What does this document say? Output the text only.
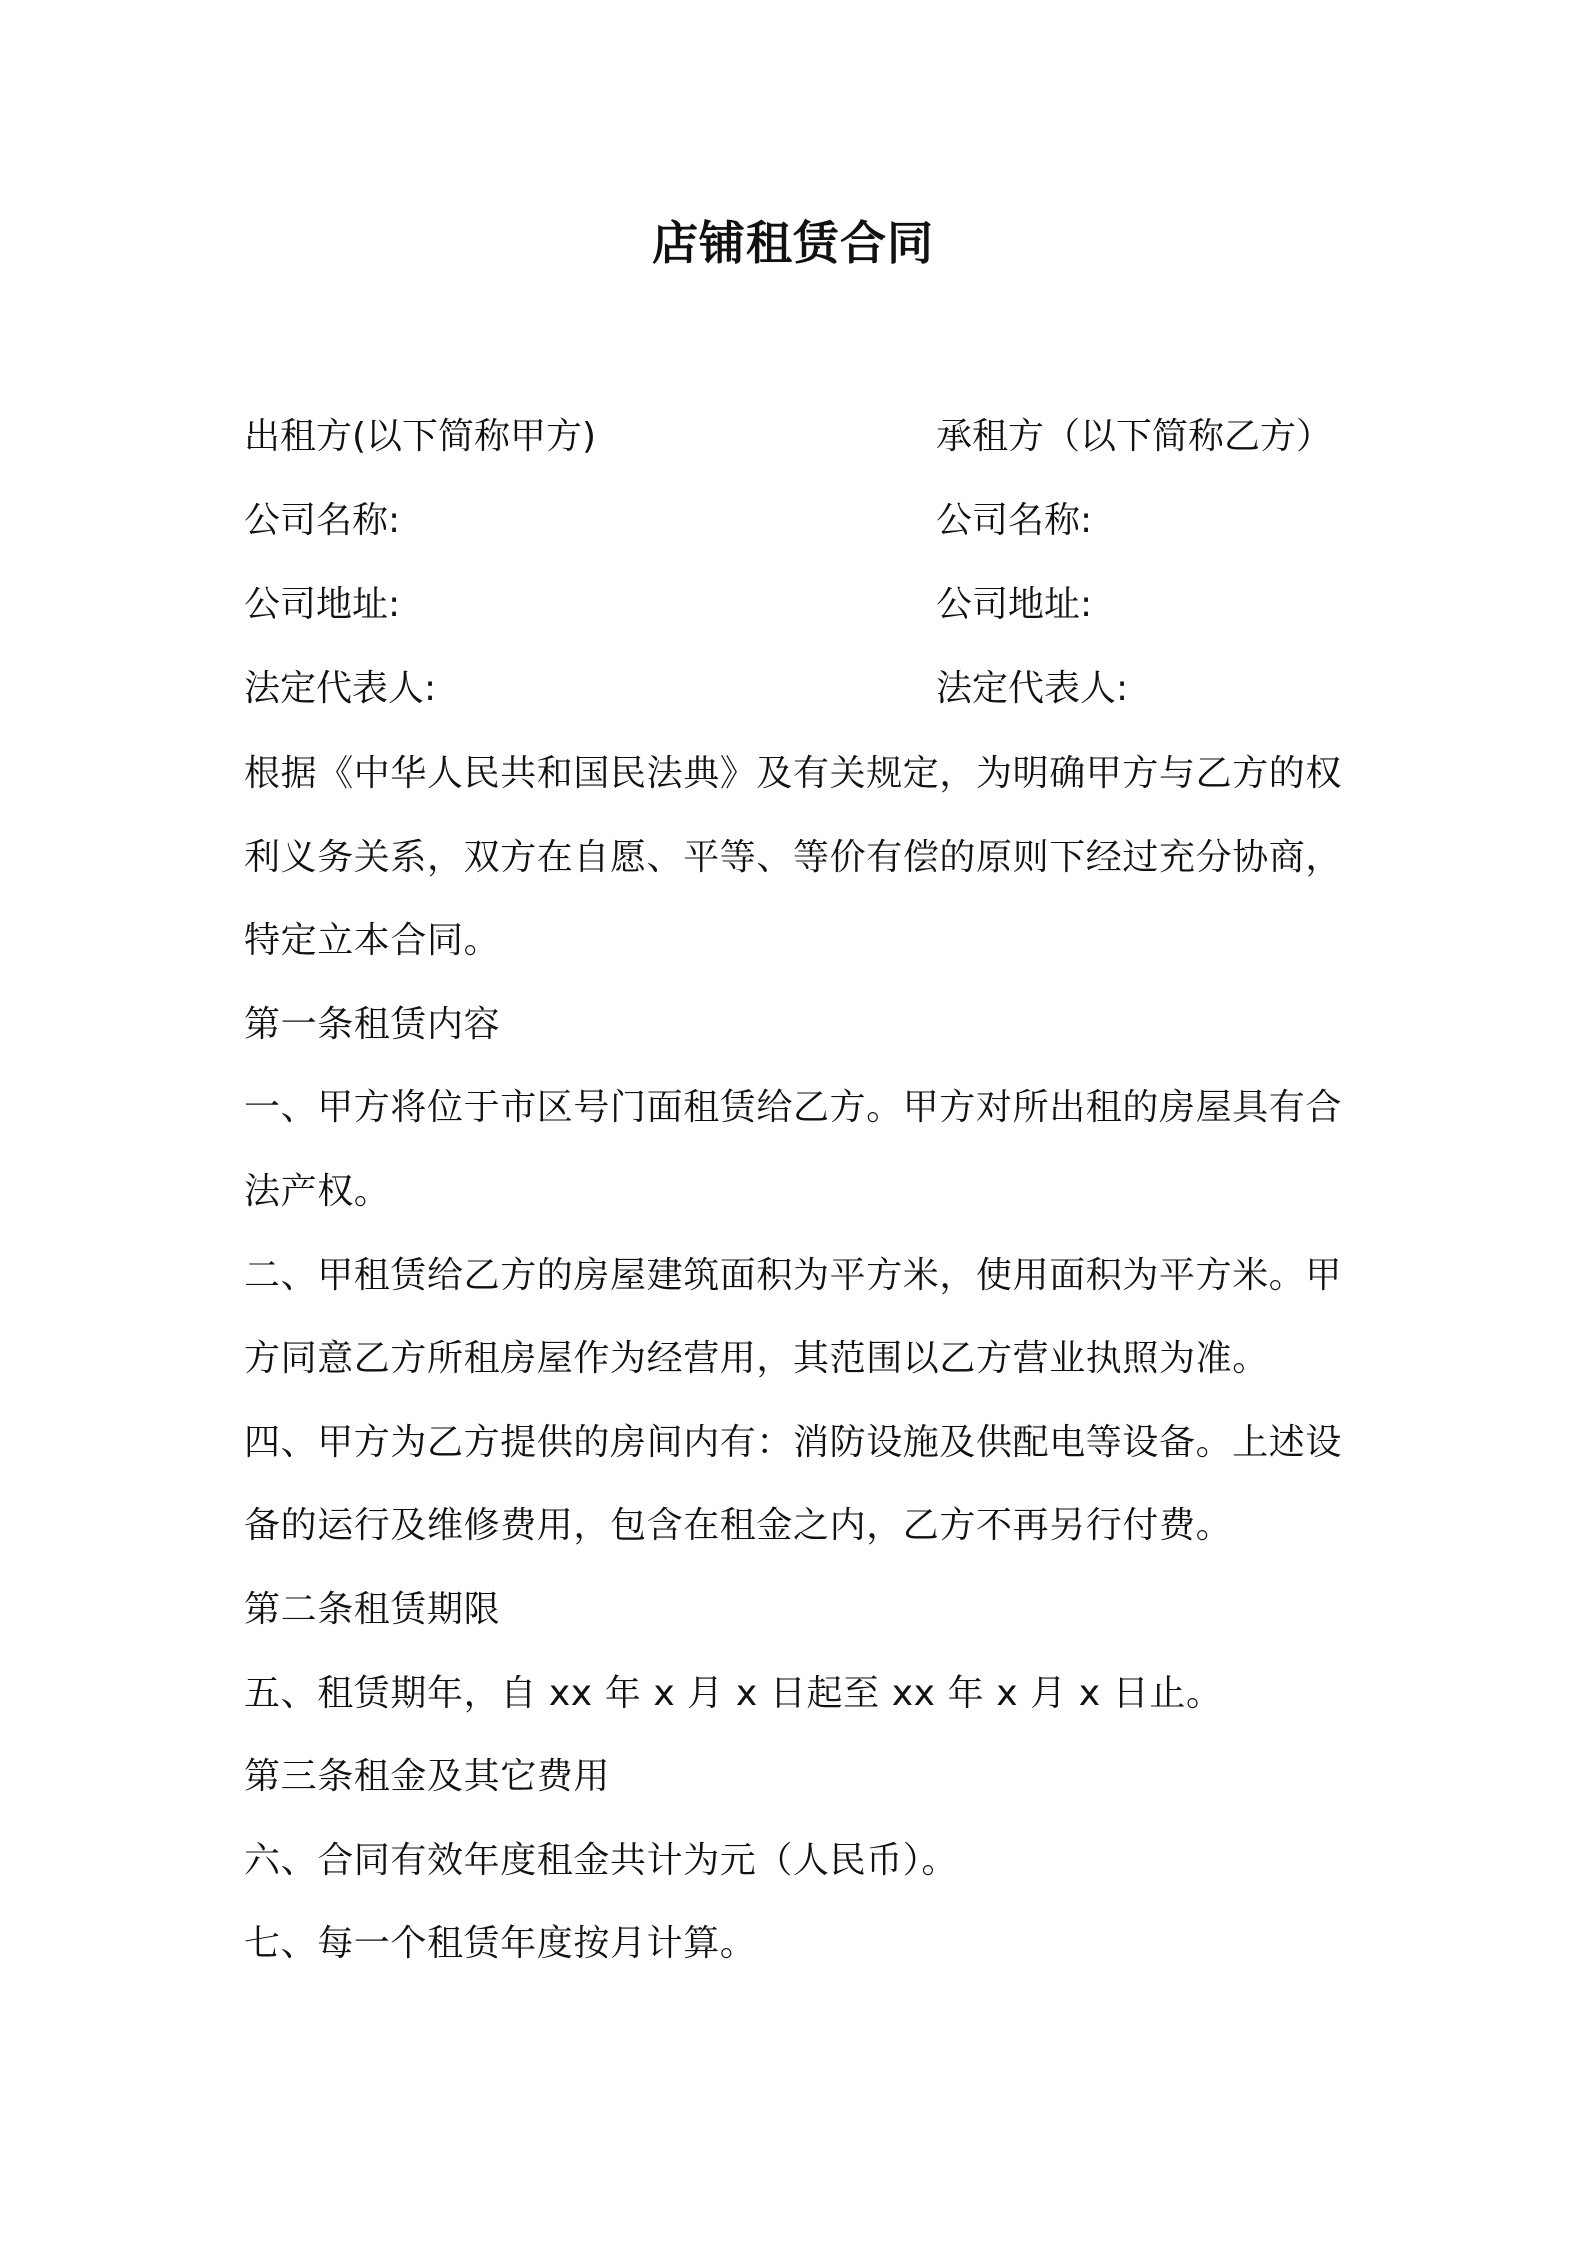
店铺租赁合同
出租方(以下简称甲方)	承租方（以下简称乙方）
公司名称:	公司名称:
公司地址:	公司地址:
法定代表人:	法定代表人:

根据《中华人民共和国民法典》及有关规定，为明确甲方与乙方的权利义务关系，双方在自愿、平等、等价有偿的原则下经过充分协商，特定立本合同。

第一条租赁内容

一、甲方将位于市区号门面租赁给乙方。甲方对所出租的房屋具有合法产权。

二、甲租赁给乙方的房屋建筑面积为平方米，使用面积为平方米。甲方同意乙方所租房屋作为经营用，其范围以乙方营业执照为准。

四、甲方为乙方提供的房间内有：消防设施及供配电等设备。上述设备的运行及维修费用，包含在租金之内，乙方不再另行付费。

第二条租赁期限

五、租赁期年，自 xx 年 x 月 x 日起至 xx 年 x 月 x 日止。

第三条租金及其它费用

六、合同有效年度租金共计为元（人民币）。

七、每一个租赁年度按月计算。
